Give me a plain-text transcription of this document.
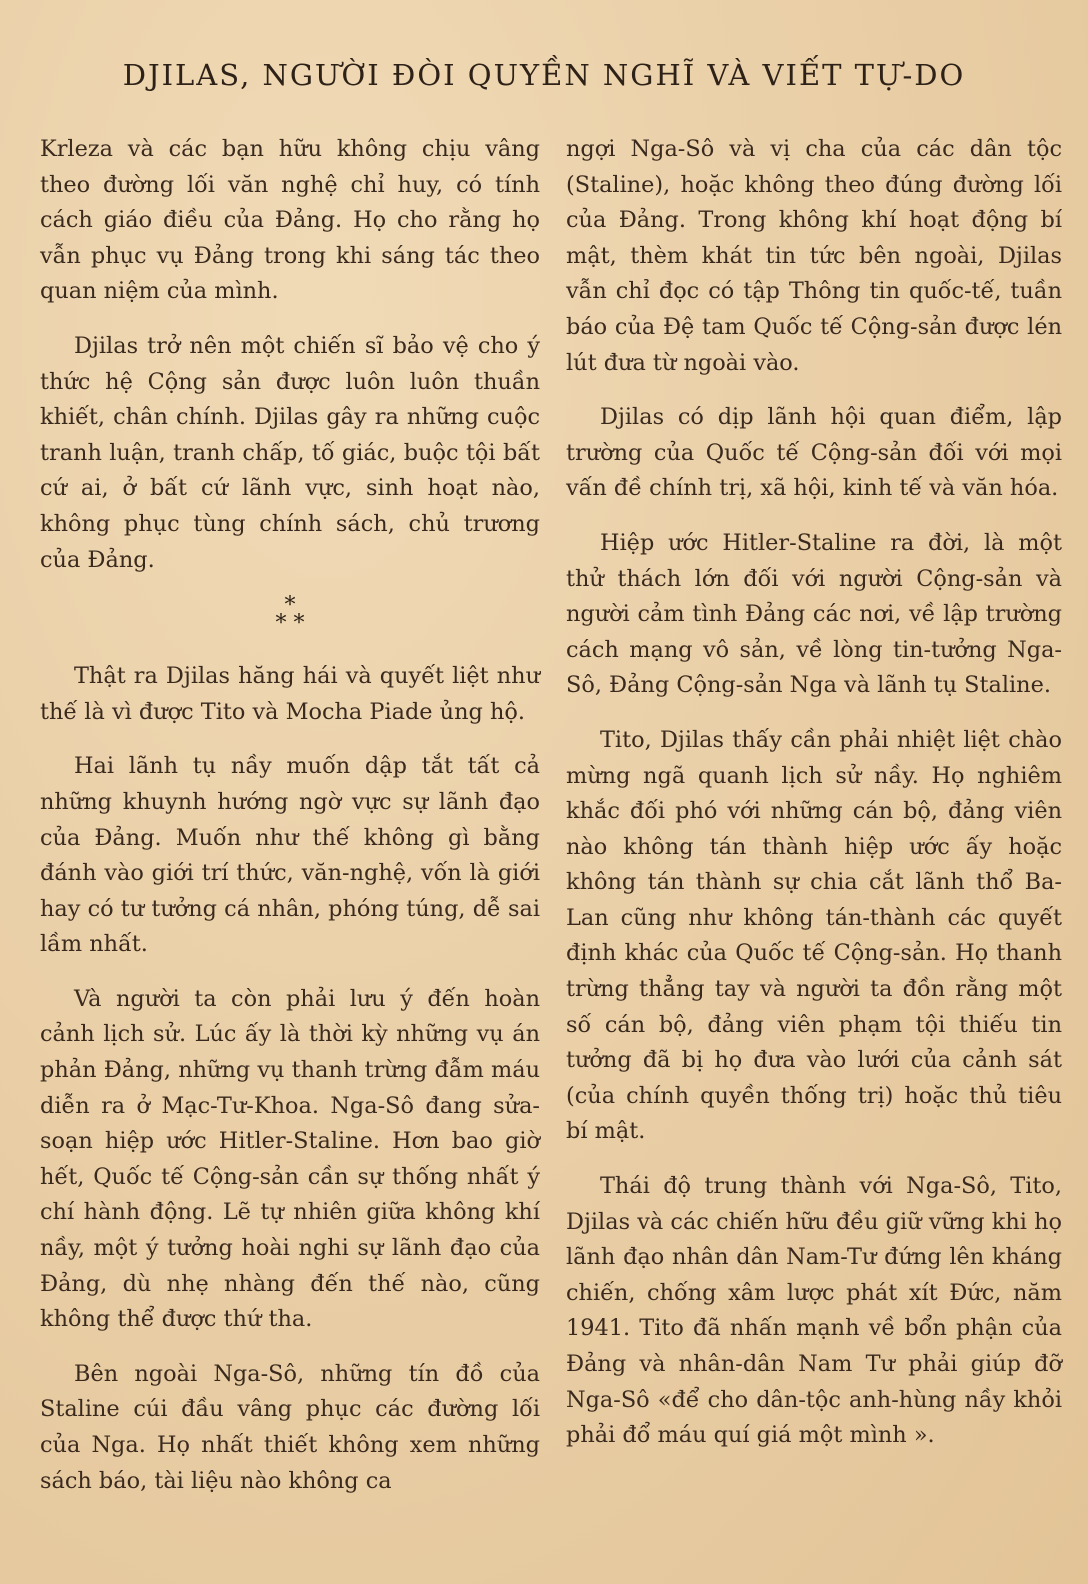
DJILAS, NGƯỜI ĐÒI QUYỀN NGHĨ VÀ VIẾT TỰ-DO

Krleza và các bạn hữu không chịu vâng theo đường lối văn nghệ chỉ huy, có tính cách giáo điều của Đảng. Họ cho rằng họ vẫn phục vụ Đảng trong khi sáng tác theo quan niệm của mình.

Djilas trở nên một chiến sĩ bảo vệ cho ý thức hệ Cộng sản được luôn luôn thuần khiết, chân chính. Djilas gây ra những cuộc tranh luận, tranh chấp, tố giác, buộc tội bất cứ ai, ở bất cứ lãnh vực, sinh hoạt nào, không phục tùng chính sách, chủ trương của Đảng.

*
* *

Thật ra Djilas hăng hái và quyết liệt như thế là vì được Tito và Mocha Piade ủng hộ.

Hai lãnh tụ nầy muốn dập tắt tất cả những khuynh hướng ngờ vực sự lãnh đạo của Đảng. Muốn như thế không gì bằng đánh vào giới trí thức, văn-nghệ, vốn là giới hay có tư tưởng cá nhân, phóng túng, dễ sai lầm nhất.

Và người ta còn phải lưu ý đến hoàn cảnh lịch sử. Lúc ấy là thời kỳ những vụ án phản Đảng, những vụ thanh trừng đẫm máu diễn ra ở Mạc-Tư-Khoa. Nga-Sô đang sửa-soạn hiệp ước Hitler-Staline. Hơn bao giờ hết, Quốc tế Cộng-sản cần sự thống nhất ý chí hành động. Lẽ tự nhiên giữa không khí nầy, một ý tưởng hoài nghi sự lãnh đạo của Đảng, dù nhẹ nhàng đến thế nào, cũng không thể được thứ tha.

Bên ngoài Nga-Sô, những tín đồ của Staline cúi đầu vâng phục các đường lối của Nga. Họ nhất thiết không xem những sách báo, tài liệu nào không ca

ngợi Nga-Sô và vị cha của các dân tộc (Staline), hoặc không theo đúng đường lối của Đảng. Trong không khí hoạt động bí mật, thèm khát tin tức bên ngoài, Djilas vẫn chỉ đọc có tập Thông tin quốc-tế, tuần báo của Đệ tam Quốc tế Cộng-sản được lén lút đưa từ ngoài vào.

Djilas có dịp lãnh hội quan điểm, lập trường của Quốc tế Cộng-sản đối với mọi vấn đề chính trị, xã hội, kinh tế và văn hóa.

Hiệp ước Hitler-Staline ra đời, là một thử thách lớn đối với người Cộng-sản và người cảm tình Đảng các nơi, về lập trường cách mạng vô sản, về lòng tin-tưởng Nga-Sô, Đảng Cộng-sản Nga và lãnh tụ Staline.

Tito, Djilas thấy cần phải nhiệt liệt chào mừng ngã quanh lịch sử nầy. Họ nghiêm khắc đối phó với những cán bộ, đảng viên nào không tán thành hiệp ước ấy hoặc không tán thành sự chia cắt lãnh thổ Ba-Lan cũng như không tán-thành các quyết định khác của Quốc tế Cộng-sản. Họ thanh trừng thẳng tay và người ta đồn rằng một số cán bộ, đảng viên phạm tội thiếu tin tưởng đã bị họ đưa vào lưới của cảnh sát (của chính quyền thống trị) hoặc thủ tiêu bí mật.

Thái độ trung thành với Nga-Sô, Tito, Djilas và các chiến hữu đều giữ vững khi họ lãnh đạo nhân dân Nam-Tư đứng lên kháng chiến, chống xâm lược phát xít Đức, năm 1941. Tito đã nhấn mạnh về bổn phận của Đảng và nhân-dân Nam Tư phải giúp đỡ Nga-Sô «để cho dân-tộc anh-hùng nầy khỏi phải đổ máu quí giá một mình ».
